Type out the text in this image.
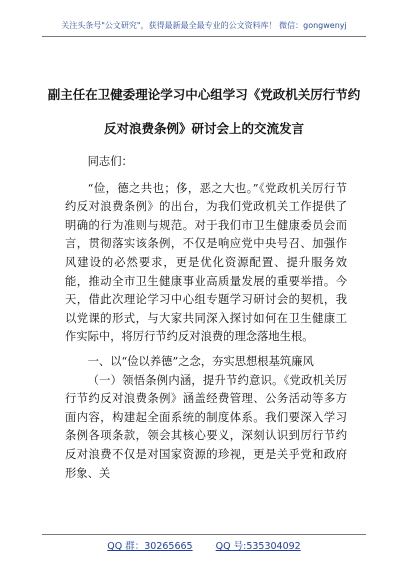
关注头条号"公文研究"，获得最新最全最专业的公文资料库！ 微信：gongwenyj
副主任在卫健委理论学习中心组学习《党政机关厉行节约
反对浪费条例》研讨会上的交流发言

同志们：

“俭，德之共也；侈，恶之大也。”《党政机关厉行节约反对浪费条例》的出台，为我们党政机关工作提供了明确的行为准则与规范。对于我们市卫生健康委员会而言，贯彻落实该条例，不仅是响应党中央号召、加强作风建设的必然要求，更是优化资源配置、提升服务效能，推动全市卫生健康事业高质量发展的重要举措。今天，借此次理论学习中心组专题学习研讨会的契机，我以党课的形式，与大家共同深入探讨如何在卫生健康工作实际中，将厉行节约反对浪费的理念落地生根。

一、以“俭以养德”之念，夯实思想根基筑廉风

（一）领悟条例内涵，提升节约意识。《党政机关厉行节约反对浪费条例》涵盖经费管理、公务活动等多方面内容，构建起全面系统的制度体系。我们要深入学习条例各项条款，领会其核心要义，深刻认识到厉行节约反对浪费不仅是对国家资源的珍视，更是关乎党和政府形象、关

QQ 群：30265665 QQ 号:535304092
